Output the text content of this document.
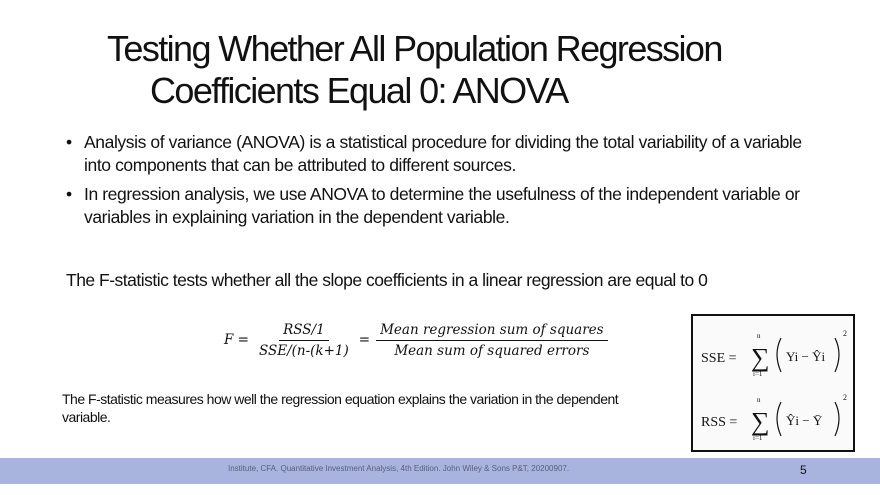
Testing Whether All Population Regression
Coefficients Equal 0: ANOVA
• Analysis of variance (ANOVA) is a statistical procedure for dividing the total variability of a variable into components that can be attributed to different sources.
• In regression analysis, we use ANOVA to determine the usefulness of the independent variable or variables in explaining variation in the dependent variable.
The F-statistic tests whether all the slope coefficients in a linear regression are equal to 0
$F = \frac{\text{RSS/1}}{\text{SSE/(n-(k+1)}} = \frac{\text{Mean regression sum of squares}}{\text{Mean sum of squared errors}}$
The F-statistic measures how well the regression equation explains the variation in the dependent variable.
SSE =
n
∑
i=1
Yi − Ŷi
2
RSS =
n
∑
i=1
Ŷi − Ȳ
2
Institute, CFA. Quantitative Investment Analysis, 4th Edition. John Wiley & Sons P&T, 20200907.	5
